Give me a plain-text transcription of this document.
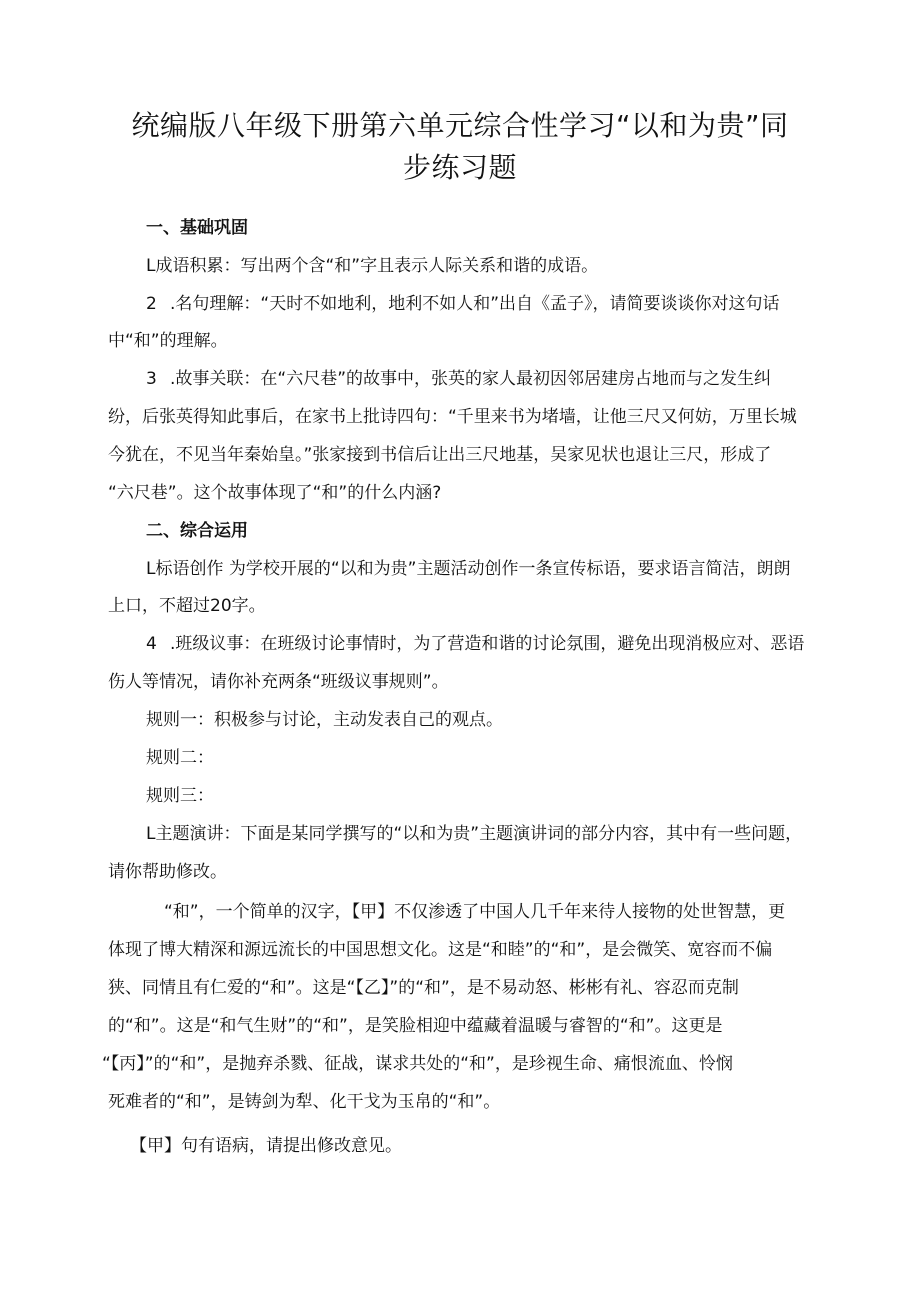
统编版八年级下册第六单元综合性学习“以和为贵”同
步练习题

一、基础巩固

L成语积累：写出两个含“和”字且表示人际关系和谐的成语。

2 .名句理解：“天时不如地利，地利不如人和”出自《孟子》，请简要谈谈你对这句话

中“和”的理解。

3 .故事关联：在“六尺巷”的故事中，张英的家人最初因邻居建房占地而与之发生纠

纷，后张英得知此事后，在家书上批诗四句：“千里来书为堵墙，让他三尺又何妨，万里长城

今犹在，不见当年秦始皇。”张家接到书信后让出三尺地基，吴家见状也退让三尺，形成了

“六尺巷”。这个故事体现了“和”的什么内涵?

二、综合运用

L标语创作 为学校开展的“以和为贵”主题活动创作一条宣传标语，要求语言简洁，朗朗

上口，不超过20字。

4 .班级议事：在班级讨论事情时，为了营造和谐的讨论氛围，避免出现消极应对、恶语

伤人等情况，请你补充两条“班级议事规则”。

规则一：积极参与讨论，主动发表自己的观点。

规则二：

规则三：

L主题演讲：下面是某同学撰写的“以和为贵”主题演讲词的部分内容，其中有一些问题，

请你帮助修改。

“和”，一个简单的汉字，【甲】不仅渗透了中国人几千年来待人接物的处世智慧，更

体现了博大精深和源远流长的中国思想文化。这是“和睦”的“和”，是会微笑、宽容而不偏

狭、同情且有仁爱的“和”。这是“【乙】”的“和”，是不易动怒、彬彬有礼、容忍而克制

的“和”。这是“和气生财”的“和”，是笑脸相迎中蕴藏着温暖与睿智的“和”。这更是

“【丙】”的“和”，是抛弃杀戮、征战，谋求共处的“和”，是珍视生命、痛恨流血、怜悯

死难者的“和”，是铸剑为犁、化干戈为玉帛的“和”。

【甲】句有语病，请提出修改意见。
